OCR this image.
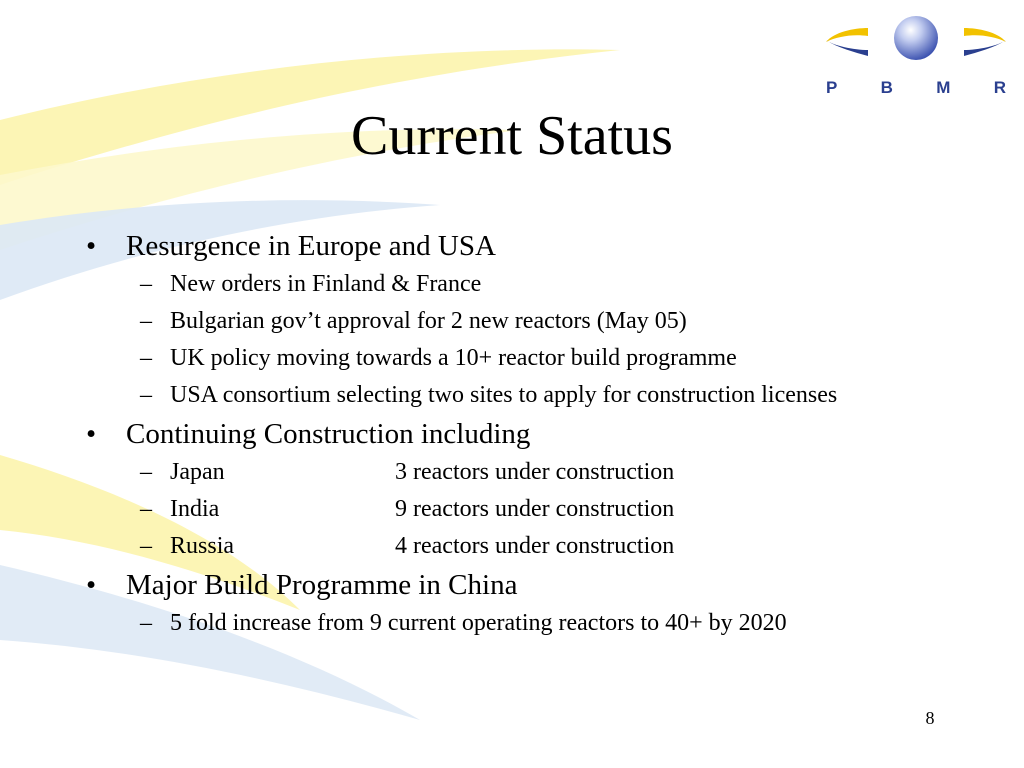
P	B	M	R
Current Status
• Resurgence in Europe and USA
– New orders in Finland & France
– Bulgarian gov’t approval for 2 new reactors (May 05)
– UK policy moving towards a 10+ reactor build programme
– USA consortium selecting two sites to apply for construction licenses
• Continuing Construction including
– Japan	3 reactors under construction
– India	9 reactors under construction
– Russia	4 reactors under construction
• Major Build Programme in China
– 5 fold increase from 9 current operating reactors to 40+ by 2020
8
